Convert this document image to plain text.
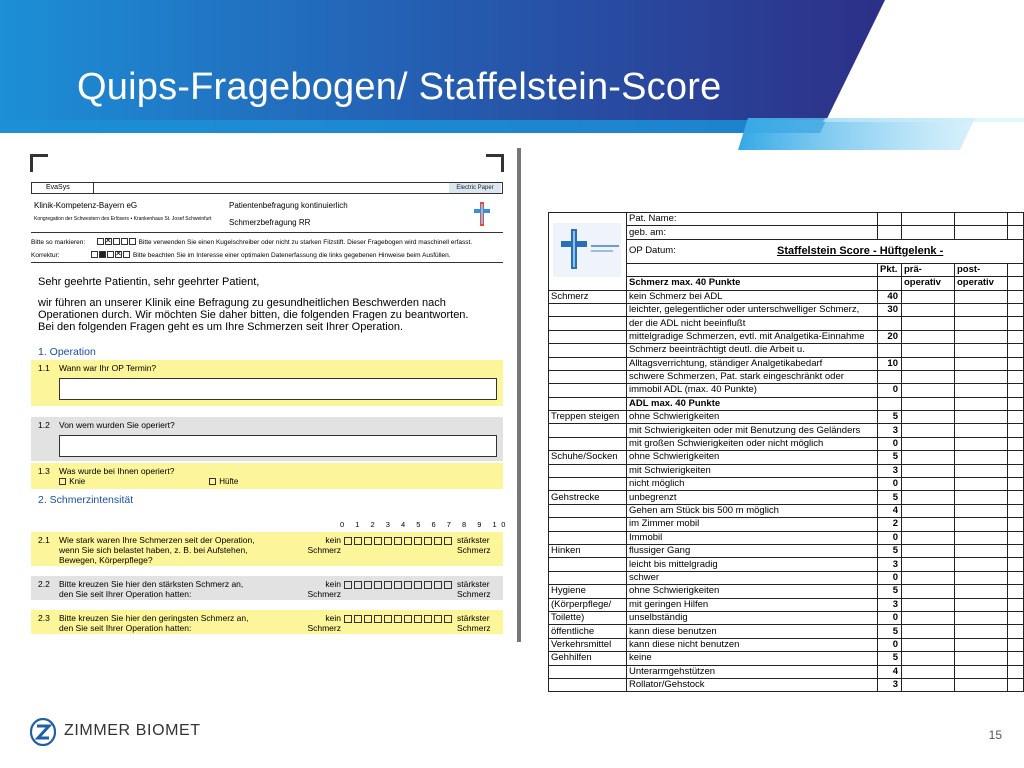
Quips-Fragebogen/ Staffelstein-Score
EvaSys	Electric Paper
Klinik-Kompetenz-Bayern eG
Kongregation der Schwestern des Erlösers • Krankenhaus St. Josef Schweinfurt
Patientenbefragung kontinuierlich
Schmerzbefragung RR
Bitte so markieren: ✕	Bitte verwenden Sie einen Kugelschreiber oder nicht zu starken Filzstift. Dieser Fragebogen wird maschinell erfasst.
Korrektur: ✕	Bitte beachten Sie im Interesse einer optimalen Datenerfassung die links gegebenen Hinweise beim Ausfüllen.
Sehr geehrte Patientin, sehr geehrter Patient,
wir führen an unserer Klinik eine Befragung zu gesundheitlichen Beschwerden nach
Operationen durch. Wir möchten Sie daher bitten, die folgenden Fragen zu beantworten.
Bei den folgenden Fragen geht es um Ihre Schmerzen seit Ihrer Operation.
1. Operation
1.1 Wann war Ihr OP Termin?
1.2 Von wem wurden Sie operiert?
1.3 Was wurde bei Ihnen operiert?
Knie	Hüfte
2. Schmerzintensität
0 1 2 3 4 5 6 7 8 9 10
2.1 Wie stark waren Ihre Schmerzen seit der Operation,
wenn Sie sich belastet haben, z. B. bei Aufstehen,
Bewegen, Körperpflege?
kein
Schmerz
stärkster
Schmerz
2.2 Bitte kreuzen Sie hier den stärksten Schmerz an,
den Sie seit Ihrer Operation hatten:
kein
Schmerz
stärkster
Schmerz
2.3 Bitte kreuzen Sie hier den geringsten Schmerz an,
den Sie seit Ihrer Operation hatten:
kein
Schmerz
stärkster
Schmerz
	Pat. Name:				
	geb. am:				
	OP Datum: Staffelstein Score - Hüftgelenk -				

		Pkt.	prä-	post-	
	Schmerz max. 40 Punkte		operativ	operativ	
Schmerz	kein Schmerz bei ADL	40			
	leichter, gelegentlicher oder unterschwelliger Schmerz,	30			
	der die ADL nicht beeinflußt				
	mittelgradige Schmerzen, evtl. mit Analgetika-Einnahme	20			
	Schmerz beeinträchtigt deutl. die Arbeit u.				
	Alltagsverrichtung, ständiger Analgetikabedarf	10			
	schwere Schmerzen, Pat. stark eingeschränkt oder				
	immobil ADL (max. 40 Punkte)	0			
	ADL max. 40 Punkte				
Treppen steigen	ohne Schwierigkeiten	5			
	mit Schwierigkeiten oder mit Benutzung des Geländers	3			
	mit großen Schwierigkeiten oder nicht möglich	0			
Schuhe/Socken	ohne Schwierigkeiten	5			
	mit Schwierigkeiten	3			
	nicht möglich	0			
Gehstrecke	unbegrenzt	5			
	Gehen am Stück bis 500 m möglich	4			
	im Zimmer mobil	2			
	Immobil	0			
Hinken	flussiger Gang	5			
	leicht bis mittelgradig	3			
	schwer	0			
Hygiene	ohne Schwierigkeiten	5			
(Körperpflege/	mit geringen Hilfen	3			
Toilette)	unselbständig	0			
öffentliche	kann diese benutzen	5			
Verkehrsmittel	kann diese nicht benutzen	0			
Gehhilfen	keine	5			
	Unterarmgehstützen	4			
	Rollator/Gehstock	3			
ZIMMER BIOMET	15
